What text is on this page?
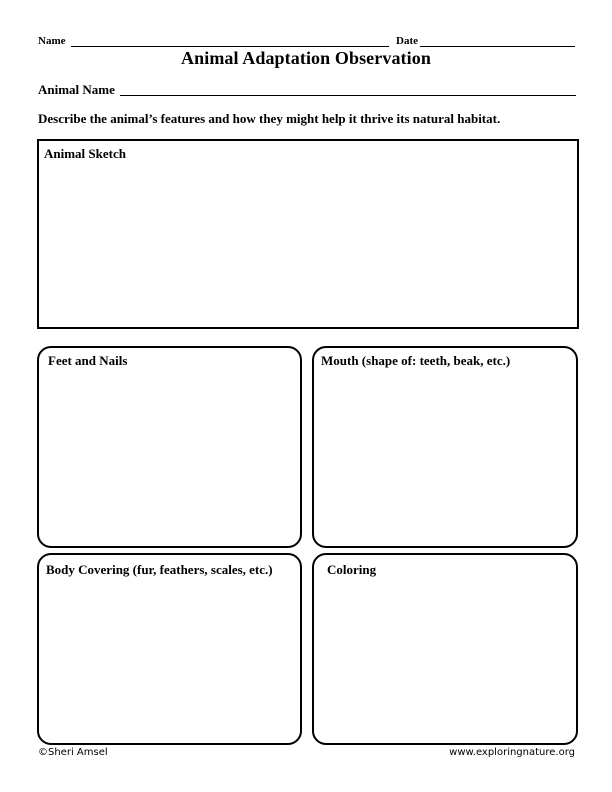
Name	Date
Animal Adaptation Observation
Animal Name
Describe the animal’s features and how they might help it thrive its natural habitat.
Animal Sketch
Feet and Nails	Mouth (shape of: teeth, beak, etc.)
Body Covering (fur, feathers, scales, etc.)	Coloring
©Sheri Amsel	www.exploringnature.org
